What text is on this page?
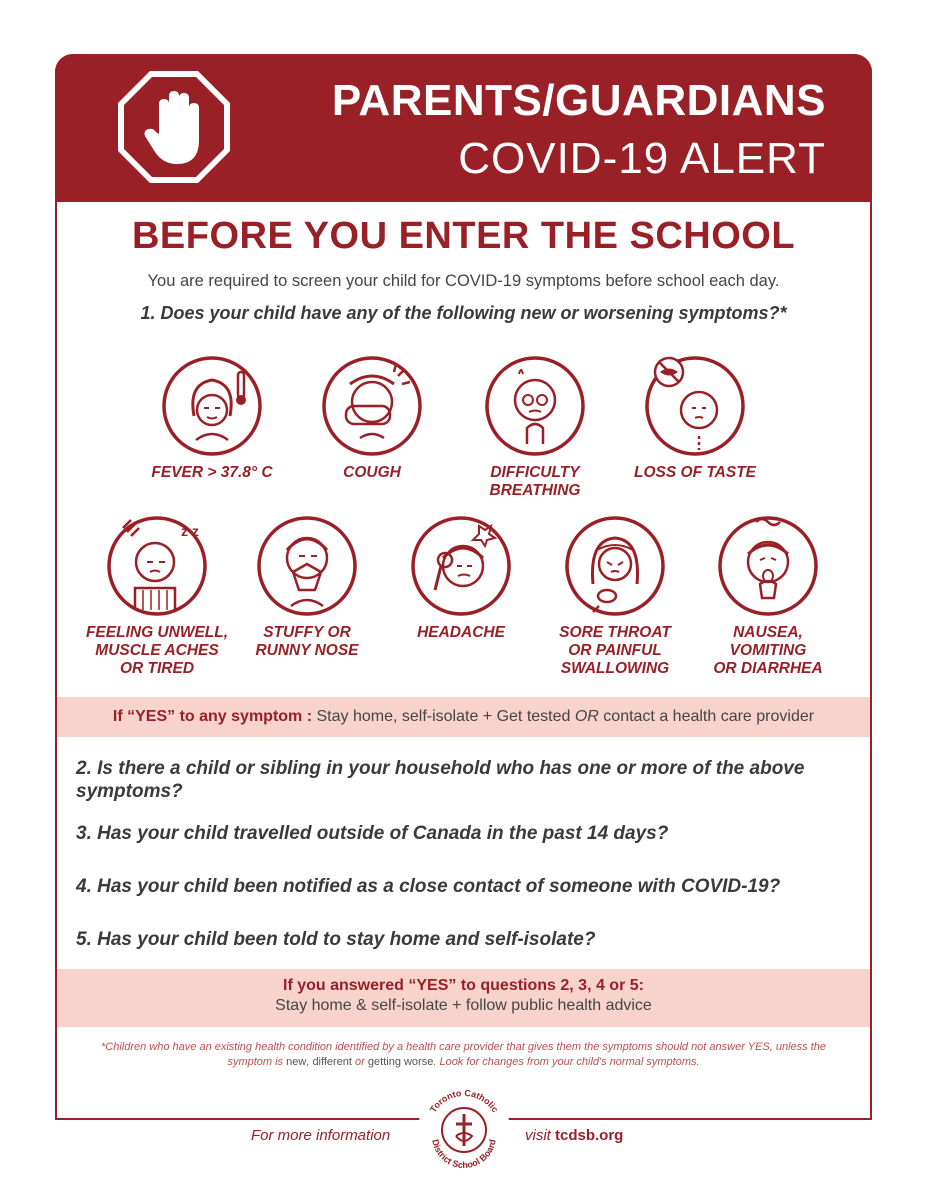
PARENTS/GUARDIANS
COVID-19 ALERT
BEFORE YOU ENTER THE SCHOOL
You are required to screen your child for COVID-19 symptoms before school each day.
1. Does your child have any of the following new or worsening symptoms?*
FEVER > 37.8° C	COUGH	DIFFICULTY
BREATHING
LOSS OF TASTE
z z
FEELING UNWELL,
MUSCLE ACHES
OR TIRED
STUFFY OR
RUNNY NOSE
HEADACHE	SORE THROAT
OR PAINFUL
SWALLOWING
NAUSEA,
VOMITING
OR DIARRHEA
If “YES” to any symptom : Stay home, self-isolate + Get tested OR contact a health care provider
2. Is there a child or sibling in your household who has one or more of the above symptoms?
3. Has your child travelled outside of Canada in the past 14 days?
4. Has your child been notified as a close contact of someone with COVID-19?
5. Has your child been told to stay home and self-isolate?
If you answered “YES” to questions 2, 3, 4 or 5:
Stay home & self-isolate + follow public health advice
*Children who have an existing health condition identified by a health care provider that gives them the symptoms should not answer YES, unless the symptom is new, different or getting worse. Look for changes from your child's normal symptoms.
For more information
Toronto Catholic
District School Board visit tcdsb.org
